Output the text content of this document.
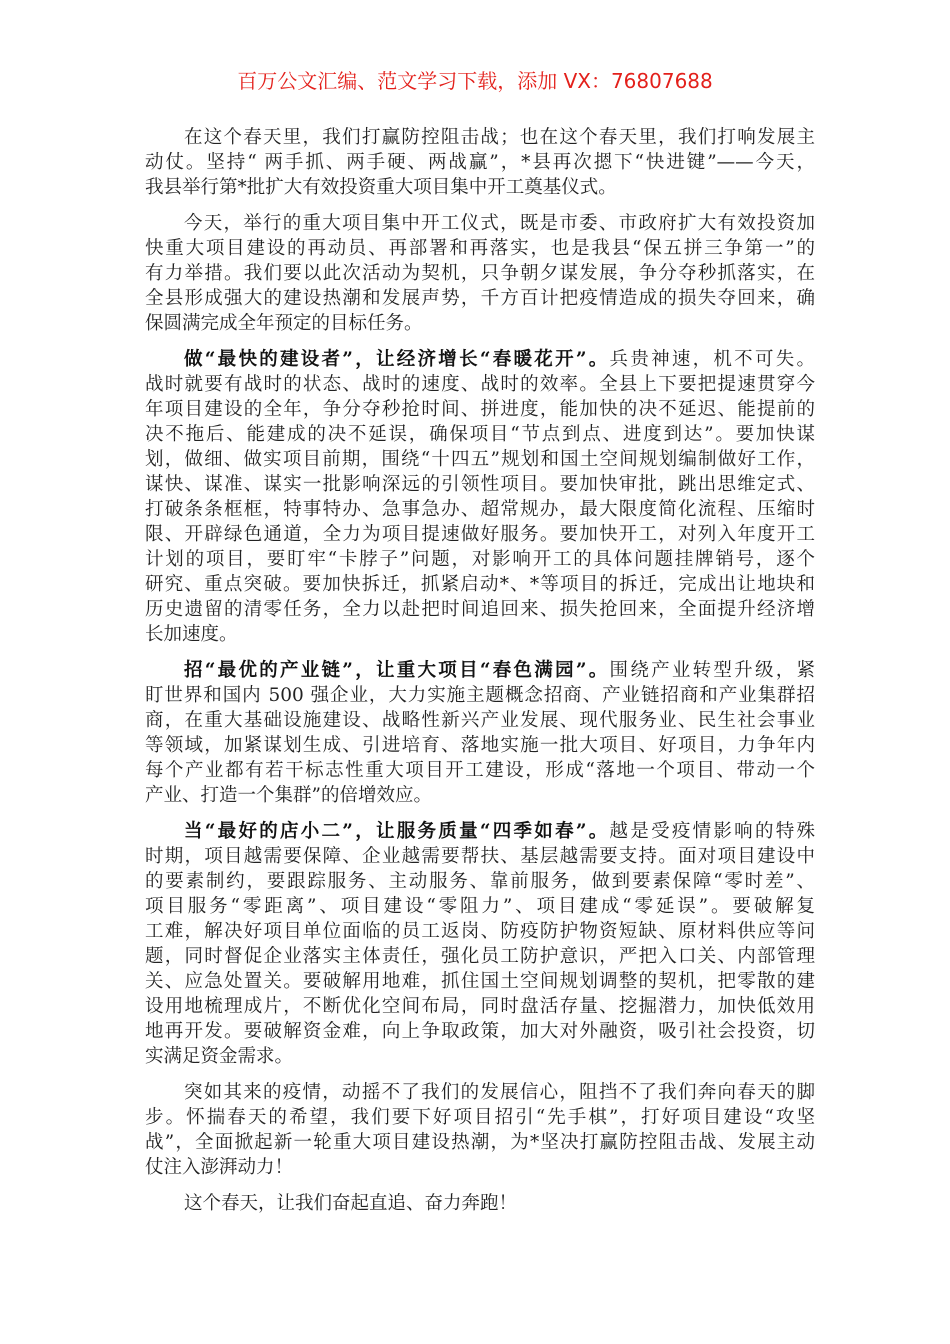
百万公文汇编、范文学习下载，添加 VX：76807688
在这个春天里，我们打赢防控阻击战；也在这个春天里，我们打响发展主
动仗。坚持“ 两手抓、两手硬、两战赢”，*县再次摁下“快进键”——今天，
我县举行第*批扩大有效投资重大项目集中开工奠基仪式。
今天，举行的重大项目集中开工仪式，既是市委、市政府扩大有效投资加
快重大项目建设的再动员、再部署和再落实，也是我县“保五拼三争第一”的
有力举措。我们要以此次活动为契机，只争朝夕谋发展，争分夺秒抓落实，在
全县形成强大的建设热潮和发展声势，千方百计把疫情造成的损失夺回来，确
保圆满完成全年预定的目标任务。
做“最快的建设者”，让经济增长“春暖花开”。兵贵神速，机不可失。
战时就要有战时的状态、战时的速度、战时的效率。全县上下要把提速贯穿今
年项目建设的全年，争分夺秒抢时间、拼进度，能加快的决不延迟、能提前的
决不拖后、能建成的决不延误，确保项目“节点到点、进度到达”。要加快谋
划，做细、做实项目前期，围绕“十四五”规划和国土空间规划编制做好工作，
谋快、谋准、谋实一批影响深远的引领性项目。要加快审批，跳出思维定式、
打破条条框框，特事特办、急事急办、超常规办，最大限度简化流程、压缩时
限、开辟绿色通道，全力为项目提速做好服务。要加快开工，对列入年度开工
计划的项目，要盯牢“卡脖子”问题，对影响开工的具体问题挂牌销号，逐个
研究、重点突破。要加快拆迁，抓紧启动*、*等项目的拆迁，完成出让地块和
历史遗留的清零任务，全力以赴把时间追回来、损失抢回来，全面提升经济增
长加速度。
招“最优的产业链”，让重大项目“春色满园”。围绕产业转型升级，紧
盯世界和国内 500 强企业，大力实施主题概念招商、产业链招商和产业集群招
商，在重大基础设施建设、战略性新兴产业发展、现代服务业、民生社会事业
等领域，加紧谋划生成、引进培育、落地实施一批大项目、好项目，力争年内
每个产业都有若干标志性重大项目开工建设，形成“落地一个项目、带动一个
产业、打造一个集群”的倍增效应。
当“最好的店小二”，让服务质量“四季如春”。越是受疫情影响的特殊
时期，项目越需要保障、企业越需要帮扶、基层越需要支持。面对项目建设中
的要素制约，要跟踪服务、主动服务、靠前服务，做到要素保障“零时差”、
项目服务“零距离”、项目建设“零阻力”、项目建成“零延误”。要破解复
工难，解决好项目单位面临的员工返岗、防疫防护物资短缺、原材料供应等问
题，同时督促企业落实主体责任，强化员工防护意识，严把入口关、内部管理
关、应急处置关。要破解用地难，抓住国土空间规划调整的契机，把零散的建
设用地梳理成片，不断优化空间布局，同时盘活存量、挖掘潜力，加快低效用
地再开发。要破解资金难，向上争取政策，加大对外融资，吸引社会投资，切
实满足资金需求。
突如其来的疫情，动摇不了我们的发展信心，阻挡不了我们奔向春天的脚
步。怀揣春天的希望，我们要下好项目招引“先手棋”，打好项目建设“攻坚
战”，全面掀起新一轮重大项目建设热潮，为*坚决打赢防控阻击战、发展主动
仗注入澎湃动力！
这个春天，让我们奋起直追、奋力奔跑！
